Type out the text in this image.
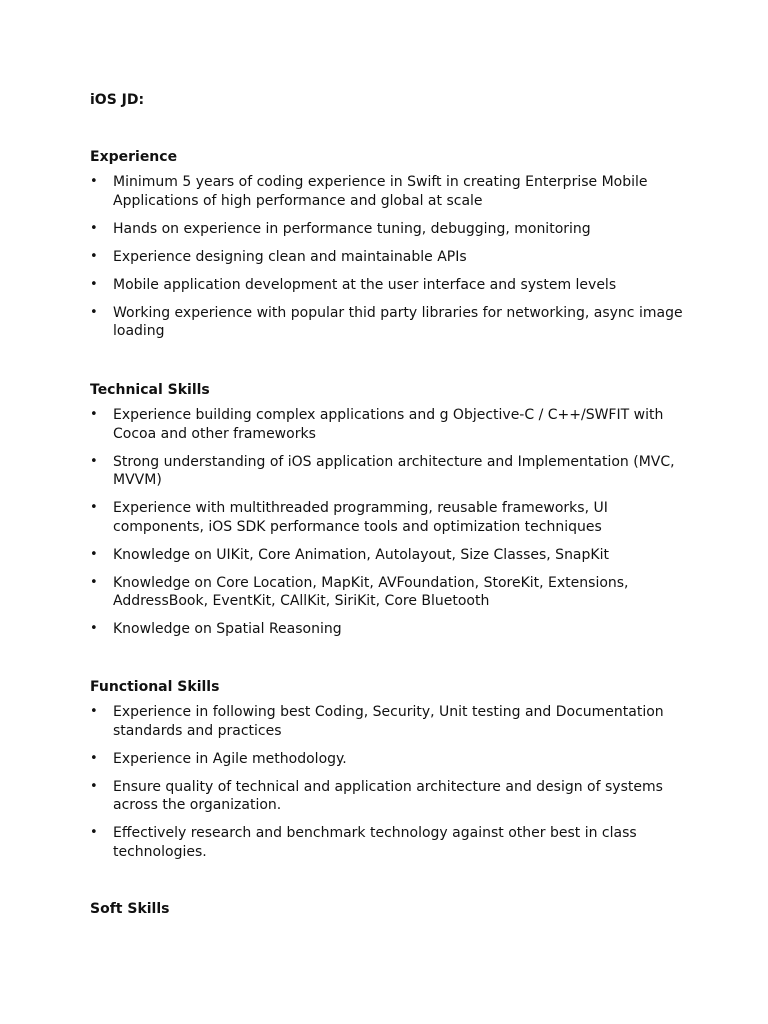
iOS JD:
Experience
• Minimum 5 years of coding experience in Swift in creating Enterprise Mobile Applications of high performance and global at scale
• Hands on experience in performance tuning, debugging, monitoring
• Experience designing clean and maintainable APIs
• Mobile application development at the user interface and system levels
• Working experience with popular thid party libraries for networking, async image loading
Technical Skills
• Experience building complex applications and g Objective-C / C++/SWFIT with Cocoa and other frameworks
• Strong understanding of iOS application architecture and Implementation (MVC, MVVM)
• Experience with multithreaded programming, reusable frameworks, UI components, iOS SDK performance tools and optimization techniques
• Knowledge on UIKit, Core Animation, Autolayout, Size Classes, SnapKit
• Knowledge on Core Location, MapKit, AVFoundation, StoreKit, Extensions, AddressBook, EventKit, CAllKit, SiriKit, Core Bluetooth
• Knowledge on Spatial Reasoning
Functional Skills
• Experience in following best Coding, Security, Unit testing and Documentation standards and practices
• Experience in Agile methodology.
• Ensure quality of technical and application architecture and design of systems across the organization.
• Effectively research and benchmark technology against other best in class technologies.
Soft Skills
